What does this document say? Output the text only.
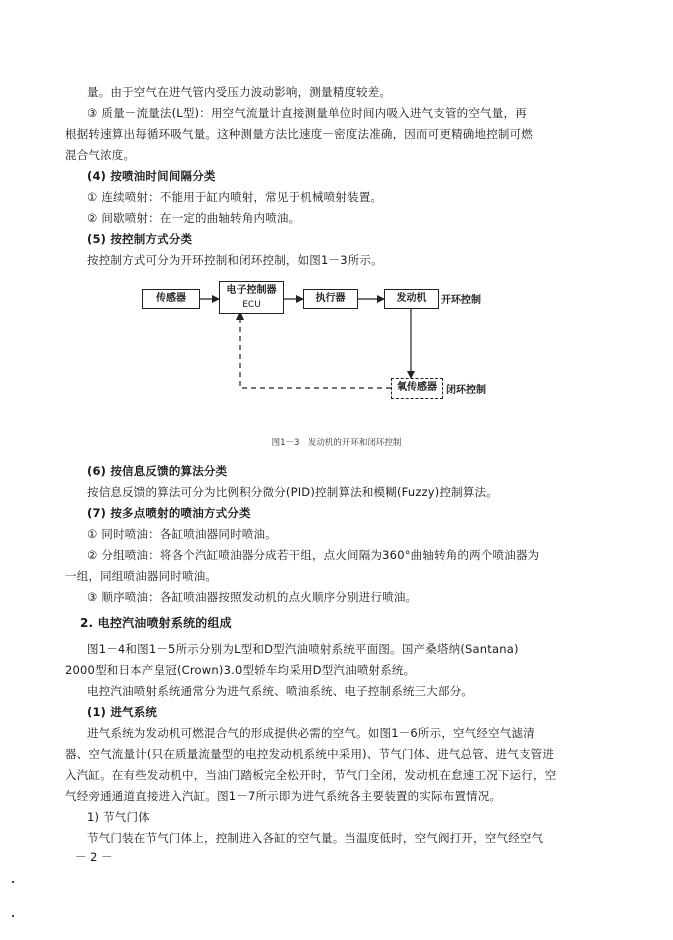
量。由于空气在进气管内受压力波动影响，测量精度较差。
③ 质量－流量法(L型)：用空气流量计直接测量单位时间内吸入进气支管的空气量，再
根据转速算出每循环吸气量。这种测量方法比速度－密度法准确，因而可更精确地控制可燃
混合气浓度。
(4) 按喷油时间间隔分类
① 连续喷射：不能用于缸内喷射，常见于机械喷射装置。
② 间歇喷射：在一定的曲轴转角内喷油。
(5) 按控制方式分类
按控制方式可分为开环控制和闭环控制，如图1－3所示。
传感器
电子控制器
ECU
执行器	发动机	开环控制
氧传感器 闭环控制
图1－3　发动机的开环和闭环控制
(6) 按信息反馈的算法分类
按信息反馈的算法可分为比例积分微分(PID)控制算法和模糊(Fuzzy)控制算法。
(7) 按多点喷射的喷油方式分类
① 同时喷油：各缸喷油器同时喷油。
② 分组喷油：将各个汽缸喷油器分成若干组，点火间隔为360°曲轴转角的两个喷油器为
一组，同组喷油器同时喷油。
③ 顺序喷油：各缸喷油器按照发动机的点火顺序分别进行喷油。
2. 电控汽油喷射系统的组成
图1－4和图1－5所示分别为L型和D型汽油喷射系统平面图。国产桑塔纳(Santana)
2000型和日本产皇冠(Crown)3.0型轿车均采用D型汽油喷射系统。
电控汽油喷射系统通常分为进气系统、喷油系统、电子控制系统三大部分。
(1) 进气系统
进气系统为发动机可燃混合气的形成提供必需的空气。如图1－6所示，空气经空气滤清
器、空气流量计(只在质量流量型的电控发动机系统中采用)、节气门体、进气总管、进气支管进
入汽缸。在有些发动机中，当油门踏板完全松开时，节气门全闭，发动机在怠速工况下运行，空
气经旁通通道直接进入汽缸。图1－7所示即为进气系统各主要装置的实际布置情况。
1) 节气门体
节气门装在节气门体上，控制进入各缸的空气量。当温度低时，空气阀打开，空气经空气
－ 2 －
